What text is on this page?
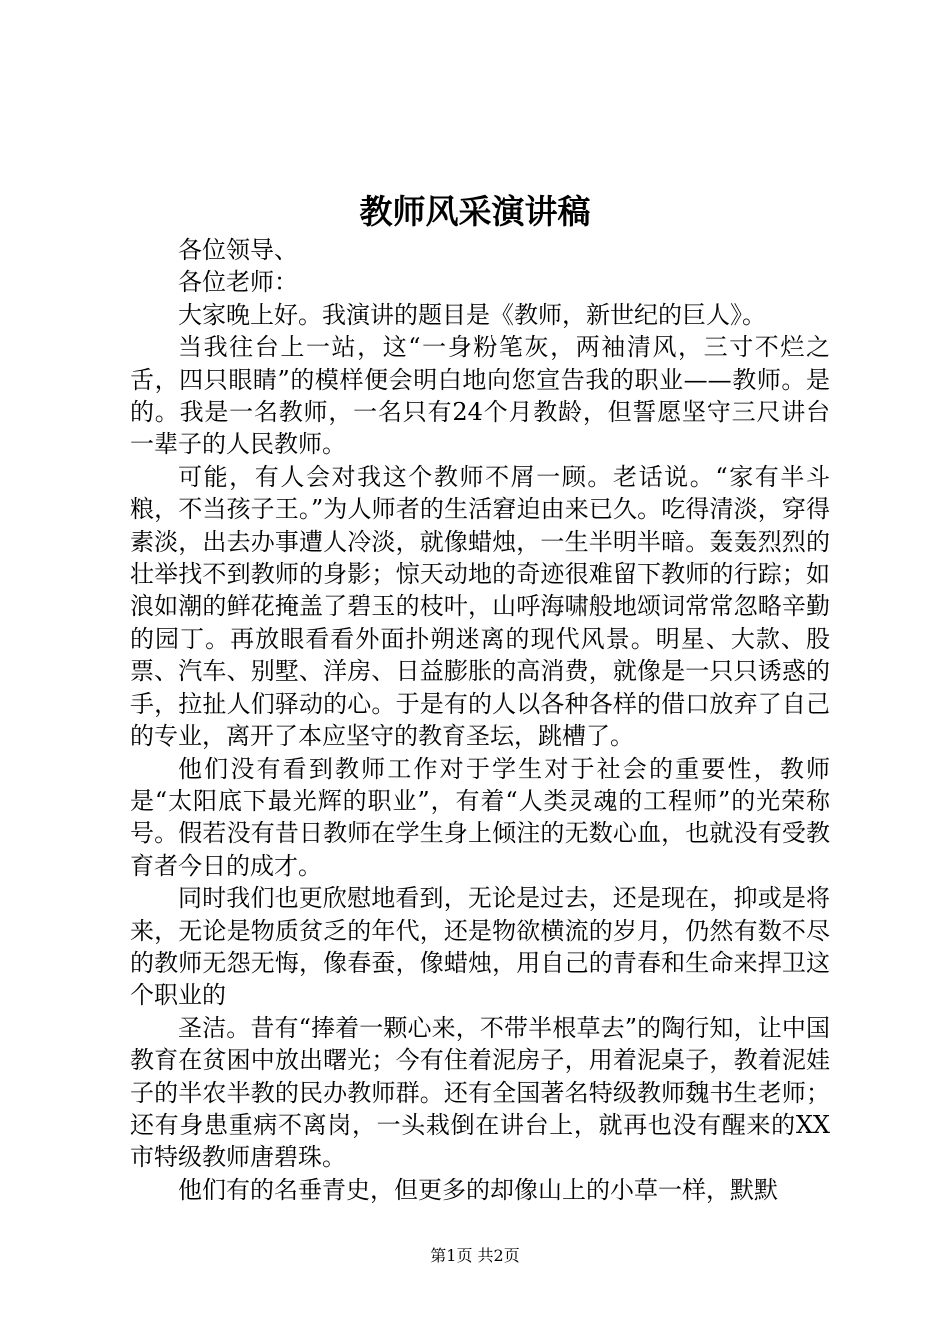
教师风采演讲稿

各位领导、

各位老师：

大家晚上好。我演讲的题目是《教师，新世纪的巨人》。

当我往台上一站，这“一身粉笔灰，两袖清风，三寸不烂之舌，四只眼睛”的模样便会明白地向您宣告我的职业——教师。是的。我是一名教师，一名只有24个月教龄，但誓愿坚守三尺讲台一辈子的人民教师。

可能，有人会对我这个教师不屑一顾。老话说。“家有半斗粮，不当孩子王。”为人师者的生活窘迫由来已久。吃得清淡，穿得素淡，出去办事遭人冷淡，就像蜡烛，一生半明半暗。轰轰烈烈的壮举找不到教师的身影；惊天动地的奇迹很难留下教师的行踪；如浪如潮的鲜花掩盖了碧玉的枝叶，山呼海啸般地颂词常常忽略辛勤的园丁。再放眼看看外面扑朔迷离的现代风景。明星、大款、股票、汽车、别墅、洋房、日益膨胀的高消费，就像是一只只诱惑的手，拉扯人们驿动的心。于是有的人以各种各样的借口放弃了自己的专业，离开了本应坚守的教育圣坛，跳槽了。

他们没有看到教师工作对于学生对于社会的重要性，教师是“太阳底下最光辉的职业”，有着“人类灵魂的工程师”的光荣称号。假若没有昔日教师在学生身上倾注的无数心血，也就没有受教育者今日的成才。

同时我们也更欣慰地看到，无论是过去，还是现在，抑或是将来，无论是物质贫乏的年代，还是物欲横流的岁月，仍然有数不尽的教师无怨无悔，像春蚕，像蜡烛，用自己的青春和生命来捍卫这个职业的

圣洁。昔有“捧着一颗心来，不带半根草去”的陶行知，让中国教育在贫困中放出曙光；今有住着泥房子，用着泥桌子，教着泥娃子的半农半教的民办教师群。还有全国著名特级教师魏书生老师；还有身患重病不离岗，一头栽倒在讲台上，就再也没有醒来的XX市特级教师唐碧珠。

他们有的名垂青史，但更多的却像山上的小草一样，默默

第1页 共2页
